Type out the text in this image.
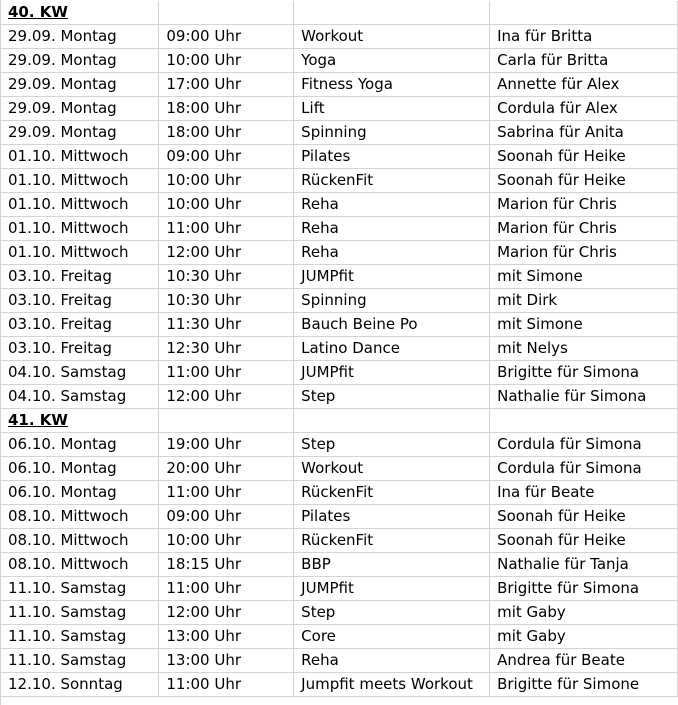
40. KW			
29.09. Montag	09:00 Uhr	Workout	Ina für Britta
29.09. Montag	10:00 Uhr	Yoga	Carla für Britta
29.09. Montag	17:00 Uhr	Fitness Yoga	Annette für Alex
29.09. Montag	18:00 Uhr	Lift	Cordula für Alex
29.09. Montag	18:00 Uhr	Spinning	Sabrina für Anita
01.10. Mittwoch	09:00 Uhr	Pilates	Soonah für Heike
01.10. Mittwoch	10:00 Uhr	RückenFit	Soonah für Heike
01.10. Mittwoch	10:00 Uhr	Reha	Marion für Chris
01.10. Mittwoch	11:00 Uhr	Reha	Marion für Chris
01.10. Mittwoch	12:00 Uhr	Reha	Marion für Chris
03.10. Freitag	10:30 Uhr	JUMPfit	mit Simone
03.10. Freitag	10:30 Uhr	Spinning	mit Dirk
03.10. Freitag	11:30 Uhr	Bauch Beine Po	mit Simone
03.10. Freitag	12:30 Uhr	Latino Dance	mit Nelys
04.10. Samstag	11:00 Uhr	JUMPfit	Brigitte für Simona
04.10. Samstag	12:00 Uhr	Step	Nathalie für Simona
41. KW			
06.10. Montag	19:00 Uhr	Step	Cordula für Simona
06.10. Montag	20:00 Uhr	Workout	Cordula für Simona
06.10. Montag	11:00 Uhr	RückenFit	Ina für Beate
08.10. Mittwoch	09:00 Uhr	Pilates	Soonah für Heike
08.10. Mittwoch	10:00 Uhr	RückenFit	Soonah für Heike
08.10. Mittwoch	18:15 Uhr	BBP	Nathalie für Tanja
11.10. Samstag	11:00 Uhr	JUMPfit	Brigitte für Simona
11.10. Samstag	12:00 Uhr	Step	mit Gaby
11.10. Samstag	13:00 Uhr	Core	mit Gaby
11.10. Samstag	13:00 Uhr	Reha	Andrea für Beate
12.10. Sonntag	11:00 Uhr	Jumpfit meets Workout	Brigitte für Simone
